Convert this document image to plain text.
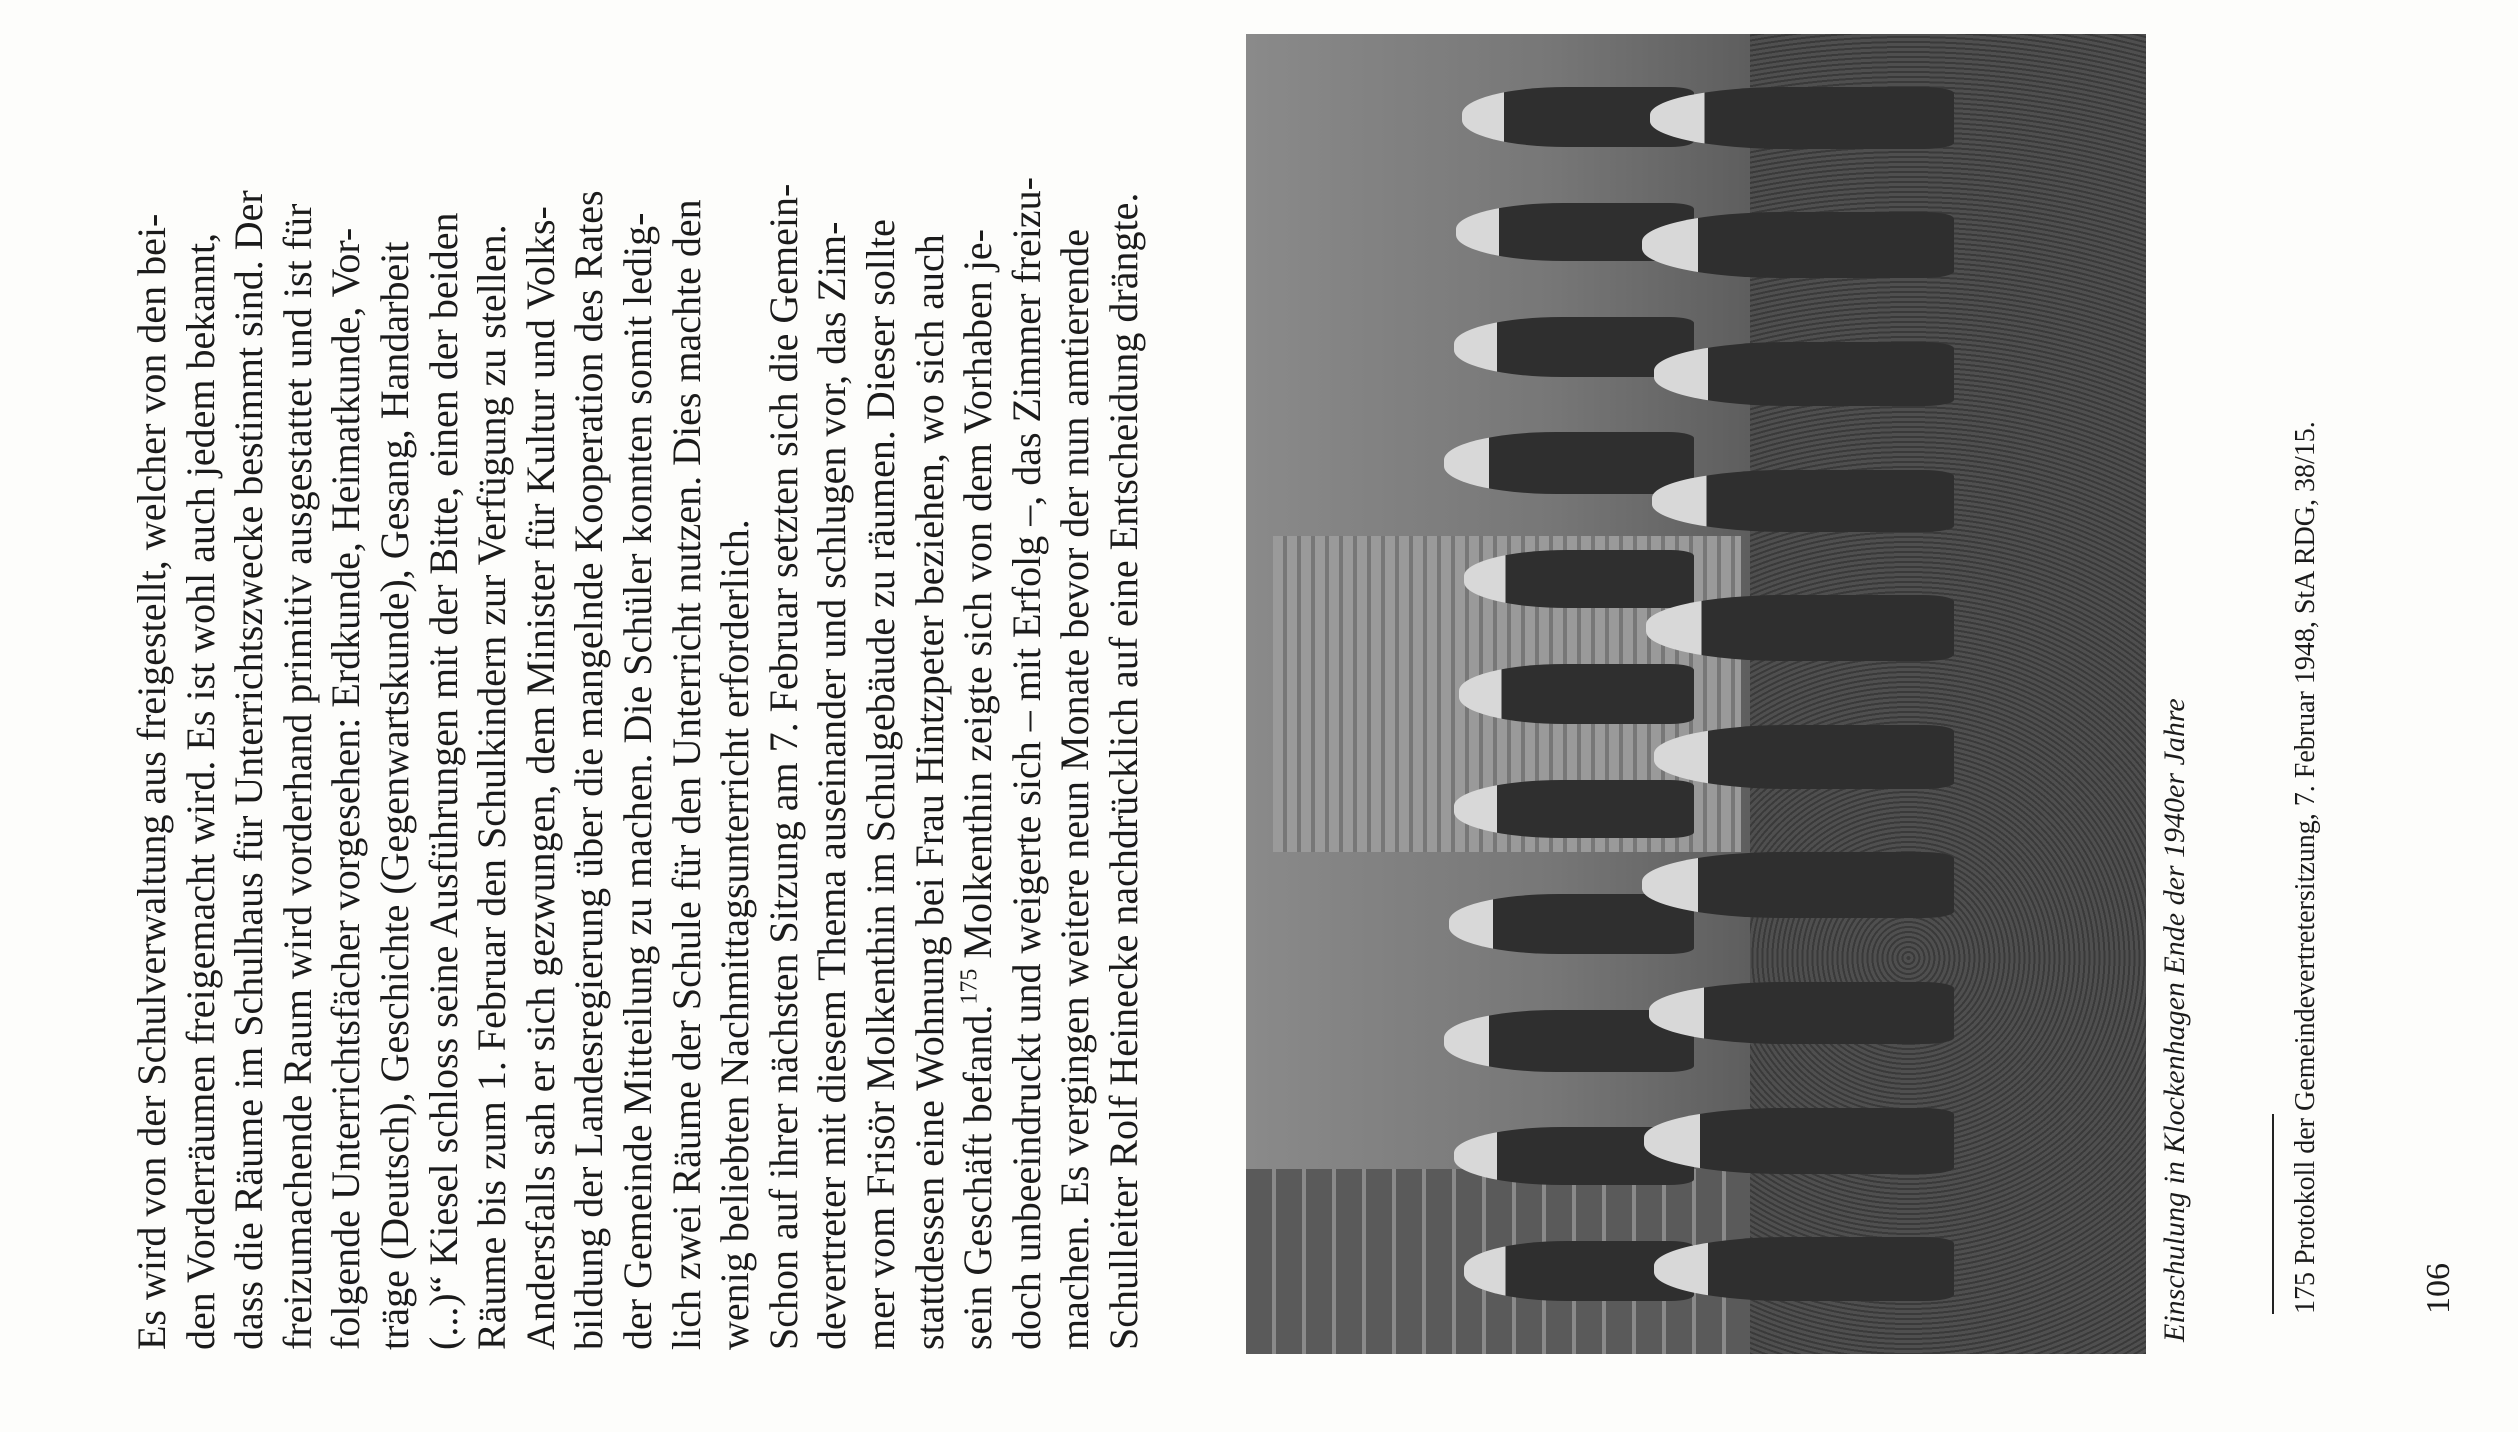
Es wird von der Schulverwaltung aus freigestellt, welcher von den bei-
den Vorderräumen freigemacht wird. Es ist wohl auch jedem bekannt,
dass die Räume im Schulhaus für Unterrichtszwecke bestimmt sind. Der
freizumachende Raum wird vorderhand primitiv ausgestattet und ist für
folgende Unterrichtsfächer vorgesehen: Erdkunde, Heimatkunde, Vor-
träge (Deutsch), Geschichte (Gegenwartskunde), Gesang, Handarbeit
(...)“ Kiesel schloss seine Ausführungen mit der Bitte, einen der beiden
Räume bis zum 1. Februar den Schulkindern zur Verfügung zu stellen.
Andersfalls sah er sich gezwungen, dem Minister für Kultur und Volks-
bildung der Landesregierung über die mangelnde Kooperation des Rates
der Gemeinde Mitteilung zu machen. Die Schüler konnten somit ledig-
lich zwei Räume der Schule für den Unterricht nutzen. Dies machte den
wenig beliebten Nachmittagsunterricht erforderlich. Schon auf ihrer nächsten Sitzung am 7. Februar setzten sich die Gemein-
devertreter mit diesem Thema auseinander und schlugen vor, das Zim-
mer vom Frisör Molkenthin im Schulgebäude zu räumen. Dieser sollte
stattdessen eine Wohnung bei Frau Hintzpeter beziehen, wo sich auch
sein Geschäft befand.$^{175}$ Molkenthin zeigte sich von dem Vorhaben je-
doch unbeeindruckt und weigerte sich – mit Erfolg –, das Zimmer freizu-
machen. Es vergingen weitere neun Monate bevor der nun amtierende
Schulleiter Rolf Heinecke nachdrücklich auf eine Entscheidung drängte.	Einschulung in Klockenhagen Ende der 1940er Jahre	175 Protokoll der Gemeindevertretersitzung, 7. Februar 1948, StA RDG, 38/15.
106
